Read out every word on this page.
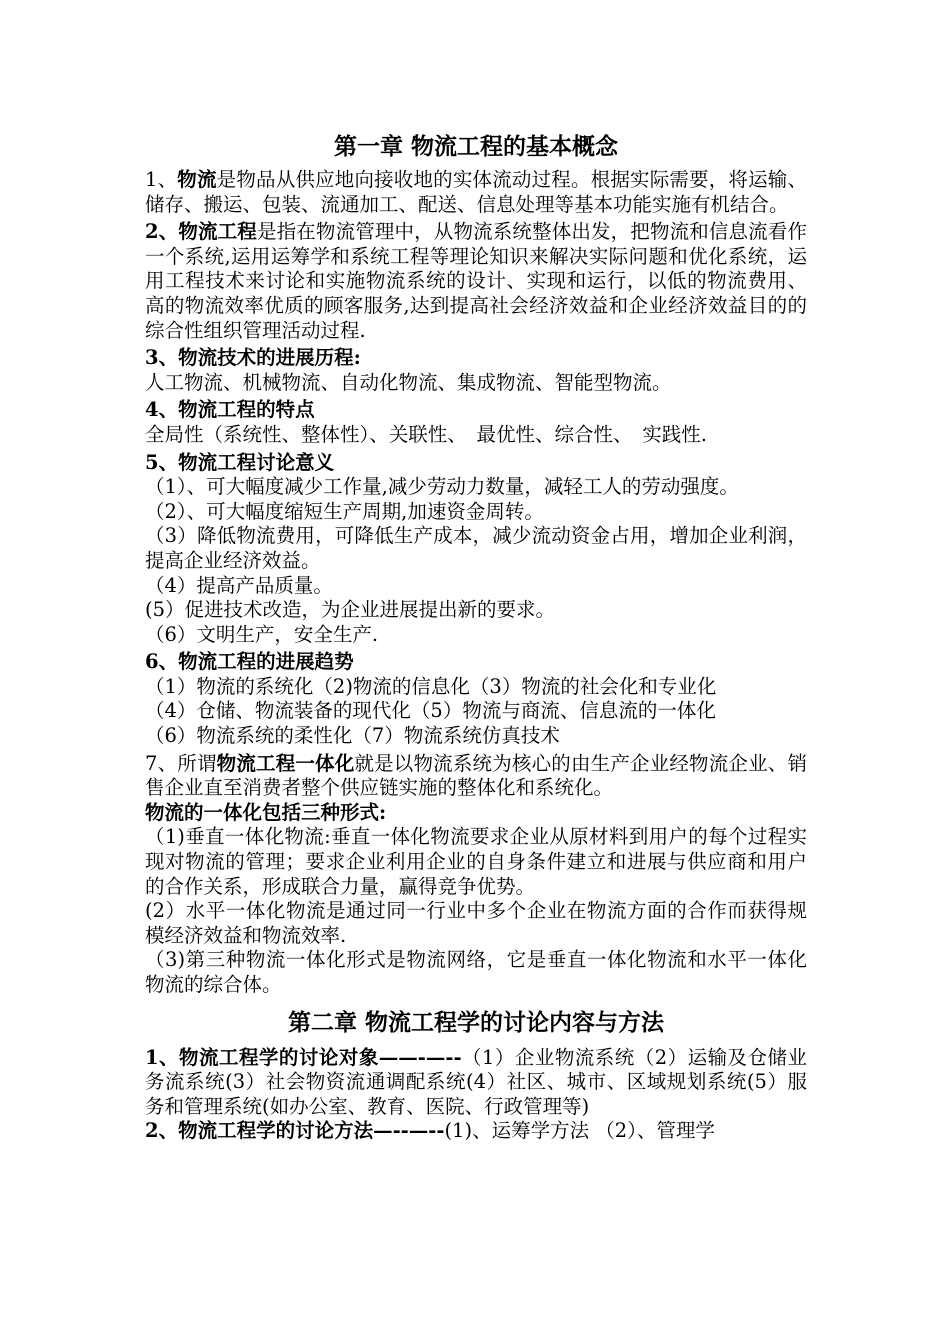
第一章 物流工程的基本概念
1、物流是物品从供应地向接收地的实体流动过程。根据实际需要，将运输、储存、搬运、包装、流通加工、配送、信息处理等基本功能实施有机结合。
2、物流工程是指在物流管理中，从物流系统整体出发，把物流和信息流看作一个系统,运用运筹学和系统工程等理论知识来解决实际问题和优化系统，运用工程技术来讨论和实施物流系统的设计、实现和运行，以低的物流费用、高的物流效率优质的顾客服务,达到提高社会经济效益和企业经济效益目的的综合性组织管理活动过程.
3、物流技术的进展历程:
人工物流、机械物流、自动化物流、集成物流、智能型物流。
4、物流工程的特点
全局性（系统性、整体性）、关联性、　最优性、综合性、　实践性.
5、物流工程讨论意义
（1）、可大幅度减少工作量,减少劳动力数量，减轻工人的劳动强度。
（2）、可大幅度缩短生产周期,加速资金周转。
（3）降低物流费用，可降低生产成本，减少流动资金占用，增加企业利润，提高企业经济效益。
（4）提高产品质量。
(5）促进技术改造，为企业进展提出新的要求。
（6）文明生产，安全生产.
6、物流工程的进展趋势
（1）物流的系统化（2)物流的信息化（3）物流的社会化和专业化
（4）仓储、物流装备的现代化（5）物流与商流、信息流的一体化
（6）物流系统的柔性化（7）物流系统仿真技术
7、所谓物流工程一体化就是以物流系统为核心的由生产企业经物流企业、销售企业直至消费者整个供应链实施的整体化和系统化。
物流的一体化包括三种形式:
（1)垂直一体化物流:垂直一体化物流要求企业从原材料到用户的每个过程实现对物流的管理；要求企业利用企业的自身条件建立和进展与供应商和用户的合作关系，形成联合力量，赢得竞争优势。
(2）水平一体化物流是通过同一行业中多个企业在物流方面的合作而获得规模经济效益和物流效率.
（3)第三种物流一体化形式是物流网络，它是垂直一体化物流和水平一体化物流的综合体。
第二章 物流工程学的讨论内容与方法
1、物流工程学的讨论对象——-—--（1）企业物流系统（2）运输及仓储业务流系统(3）社会物资流通调配系统(4）社区、城市、区域规划系统(5）服务和管理系统(如办公室、教育、医院、行政管理等)
2、物流工程学的讨论方法—--—--(1)、运筹学方法 （2）、管理学
